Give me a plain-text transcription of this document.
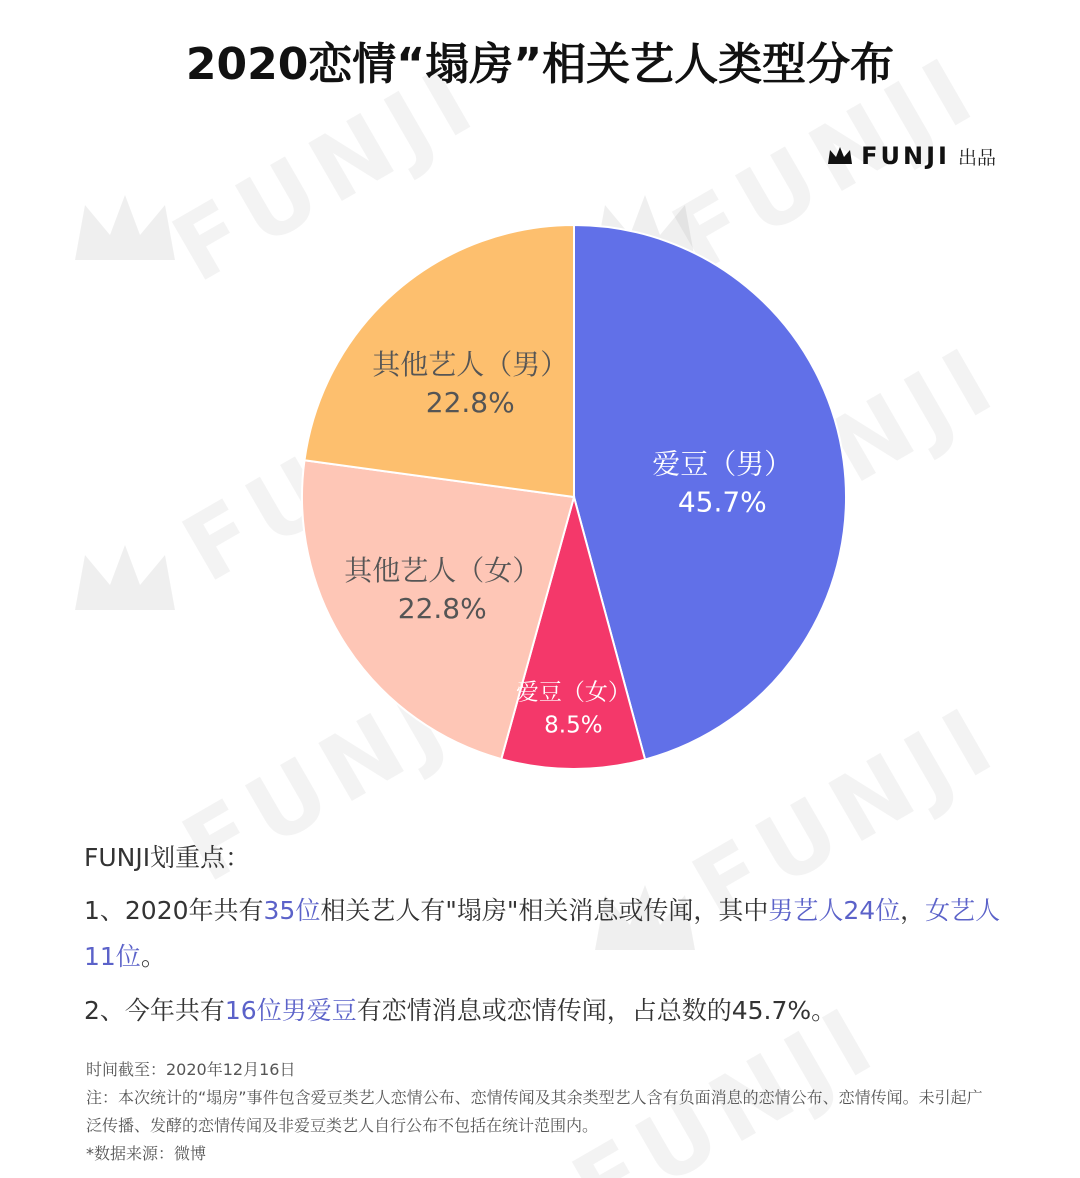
2020恋情“塌房”相关艺人类型分布
FUNJI 出品
爱豆（男）
45.7%
爱豆（女）
8.5%
其他艺人（女）
22.8%
其他艺人（男）
22.8%

FUNJI划重点：

1、2020年共有35位相关艺人有"塌房"相关消息或传闻，其中男艺人24位，女艺人11位。

2、今年共有16位男爱豆有恋情消息或恋情传闻，占总数的45.7%。

时间截至：2020年12月16日

注：本次统计的“塌房”事件包含爱豆类艺人恋情公布、恋情传闻及其余类型艺人含有负面消息的恋情公布、恋情传闻。未引起广泛传播、发酵的恋情传闻及非爱豆类艺人自行公布不包括在统计范围内。

*数据来源：微博
